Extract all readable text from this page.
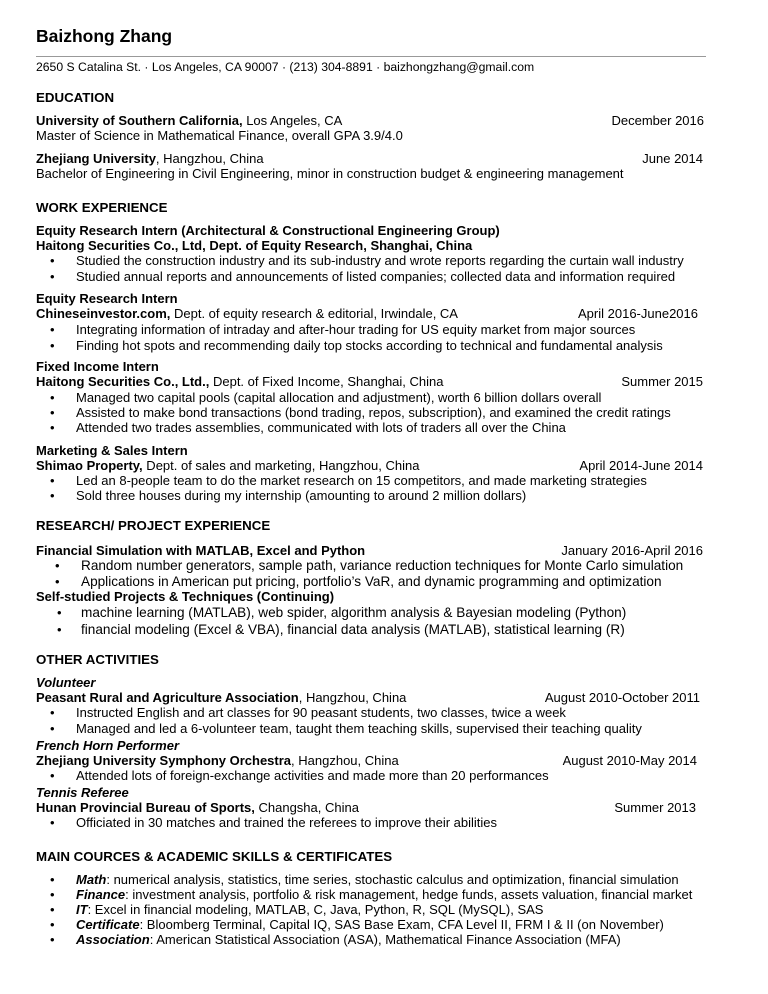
Baizhong Zhang
2650 S Catalina St. · Los Angeles, CA 90007 · (213) 304-8891 · baizhongzhang@gmail.com
EDUCATION
University of Southern California, Los Angeles, CA	December 2016
Master of Science in Mathematical Finance, overall GPA 3.9/4.0
Zhejiang University, Hangzhou, China	June 2014
Bachelor of Engineering in Civil Engineering, minor in construction budget & engineering management
WORK EXPERIENCE
Equity Research Intern (Architectural & Constructional Engineering Group)
Haitong Securities Co., Ltd, Dept. of Equity Research, Shanghai, China
• Studied the construction industry and its sub-industry and wrote reports regarding the curtain wall industry
• Studied annual reports and announcements of listed companies; collected data and information required
Equity Research Intern
Chineseinvestor.com, Dept. of equity research & editorial, Irwindale, CA	April 2016-June2016
• Integrating information of intraday and after-hour trading for US equity market from major sources
• Finding hot spots and recommending daily top stocks according to technical and fundamental analysis
Fixed Income Intern
Haitong Securities Co., Ltd., Dept. of Fixed Income, Shanghai, China	Summer 2015
• Managed two capital pools (capital allocation and adjustment), worth 6 billion dollars overall
• Assisted to make bond transactions (bond trading, repos, subscription), and examined the credit ratings
• Attended two trades assemblies, communicated with lots of traders all over the China
Marketing & Sales Intern
Shimao Property, Dept. of sales and marketing, Hangzhou, China	April 2014-June 2014
• Led an 8-people team to do the market research on 15 competitors, and made marketing strategies
• Sold three houses during my internship (amounting to around 2 million dollars)
RESEARCH/ PROJECT EXPERIENCE
Financial Simulation with MATLAB, Excel and Python	January 2016-April 2016
• Random number generators, sample path, variance reduction techniques for Monte Carlo simulation
• Applications in American put pricing, portfolio’s VaR, and dynamic programming and optimization
Self-studied Projects & Techniques (Continuing)
• machine learning (MATLAB), web spider, algorithm analysis & Bayesian modeling (Python)
• financial modeling (Excel & VBA), financial data analysis (MATLAB), statistical learning (R)
OTHER ACTIVITIES
Volunteer
Peasant Rural and Agriculture Association, Hangzhou, China	August 2010-October 2011
• Instructed English and art classes for 90 peasant students, two classes, twice a week
• Managed and led a 6-volunteer team, taught them teaching skills, supervised their teaching quality
French Horn Performer
Zhejiang University Symphony Orchestra, Hangzhou, China	August 2010-May 2014
• Attended lots of foreign-exchange activities and made more than 20 performances
Tennis Referee
Hunan Provincial Bureau of Sports, Changsha, China	Summer 2013
• Officiated in 30 matches and trained the referees to improve their abilities
MAIN COURCES & ACADEMIC SKILLS & CERTIFICATES
• Math: numerical analysis, statistics, time series, stochastic calculus and optimization, financial simulation
• Finance: investment analysis, portfolio & risk management, hedge funds, assets valuation, financial market
• IT: Excel in financial modeling, MATLAB, C, Java, Python, R, SQL (MySQL), SAS
• Certificate: Bloomberg Terminal, Capital IQ, SAS Base Exam, CFA Level II, FRM I & II (on November)
• Association: American Statistical Association (ASA), Mathematical Finance Association (MFA)
